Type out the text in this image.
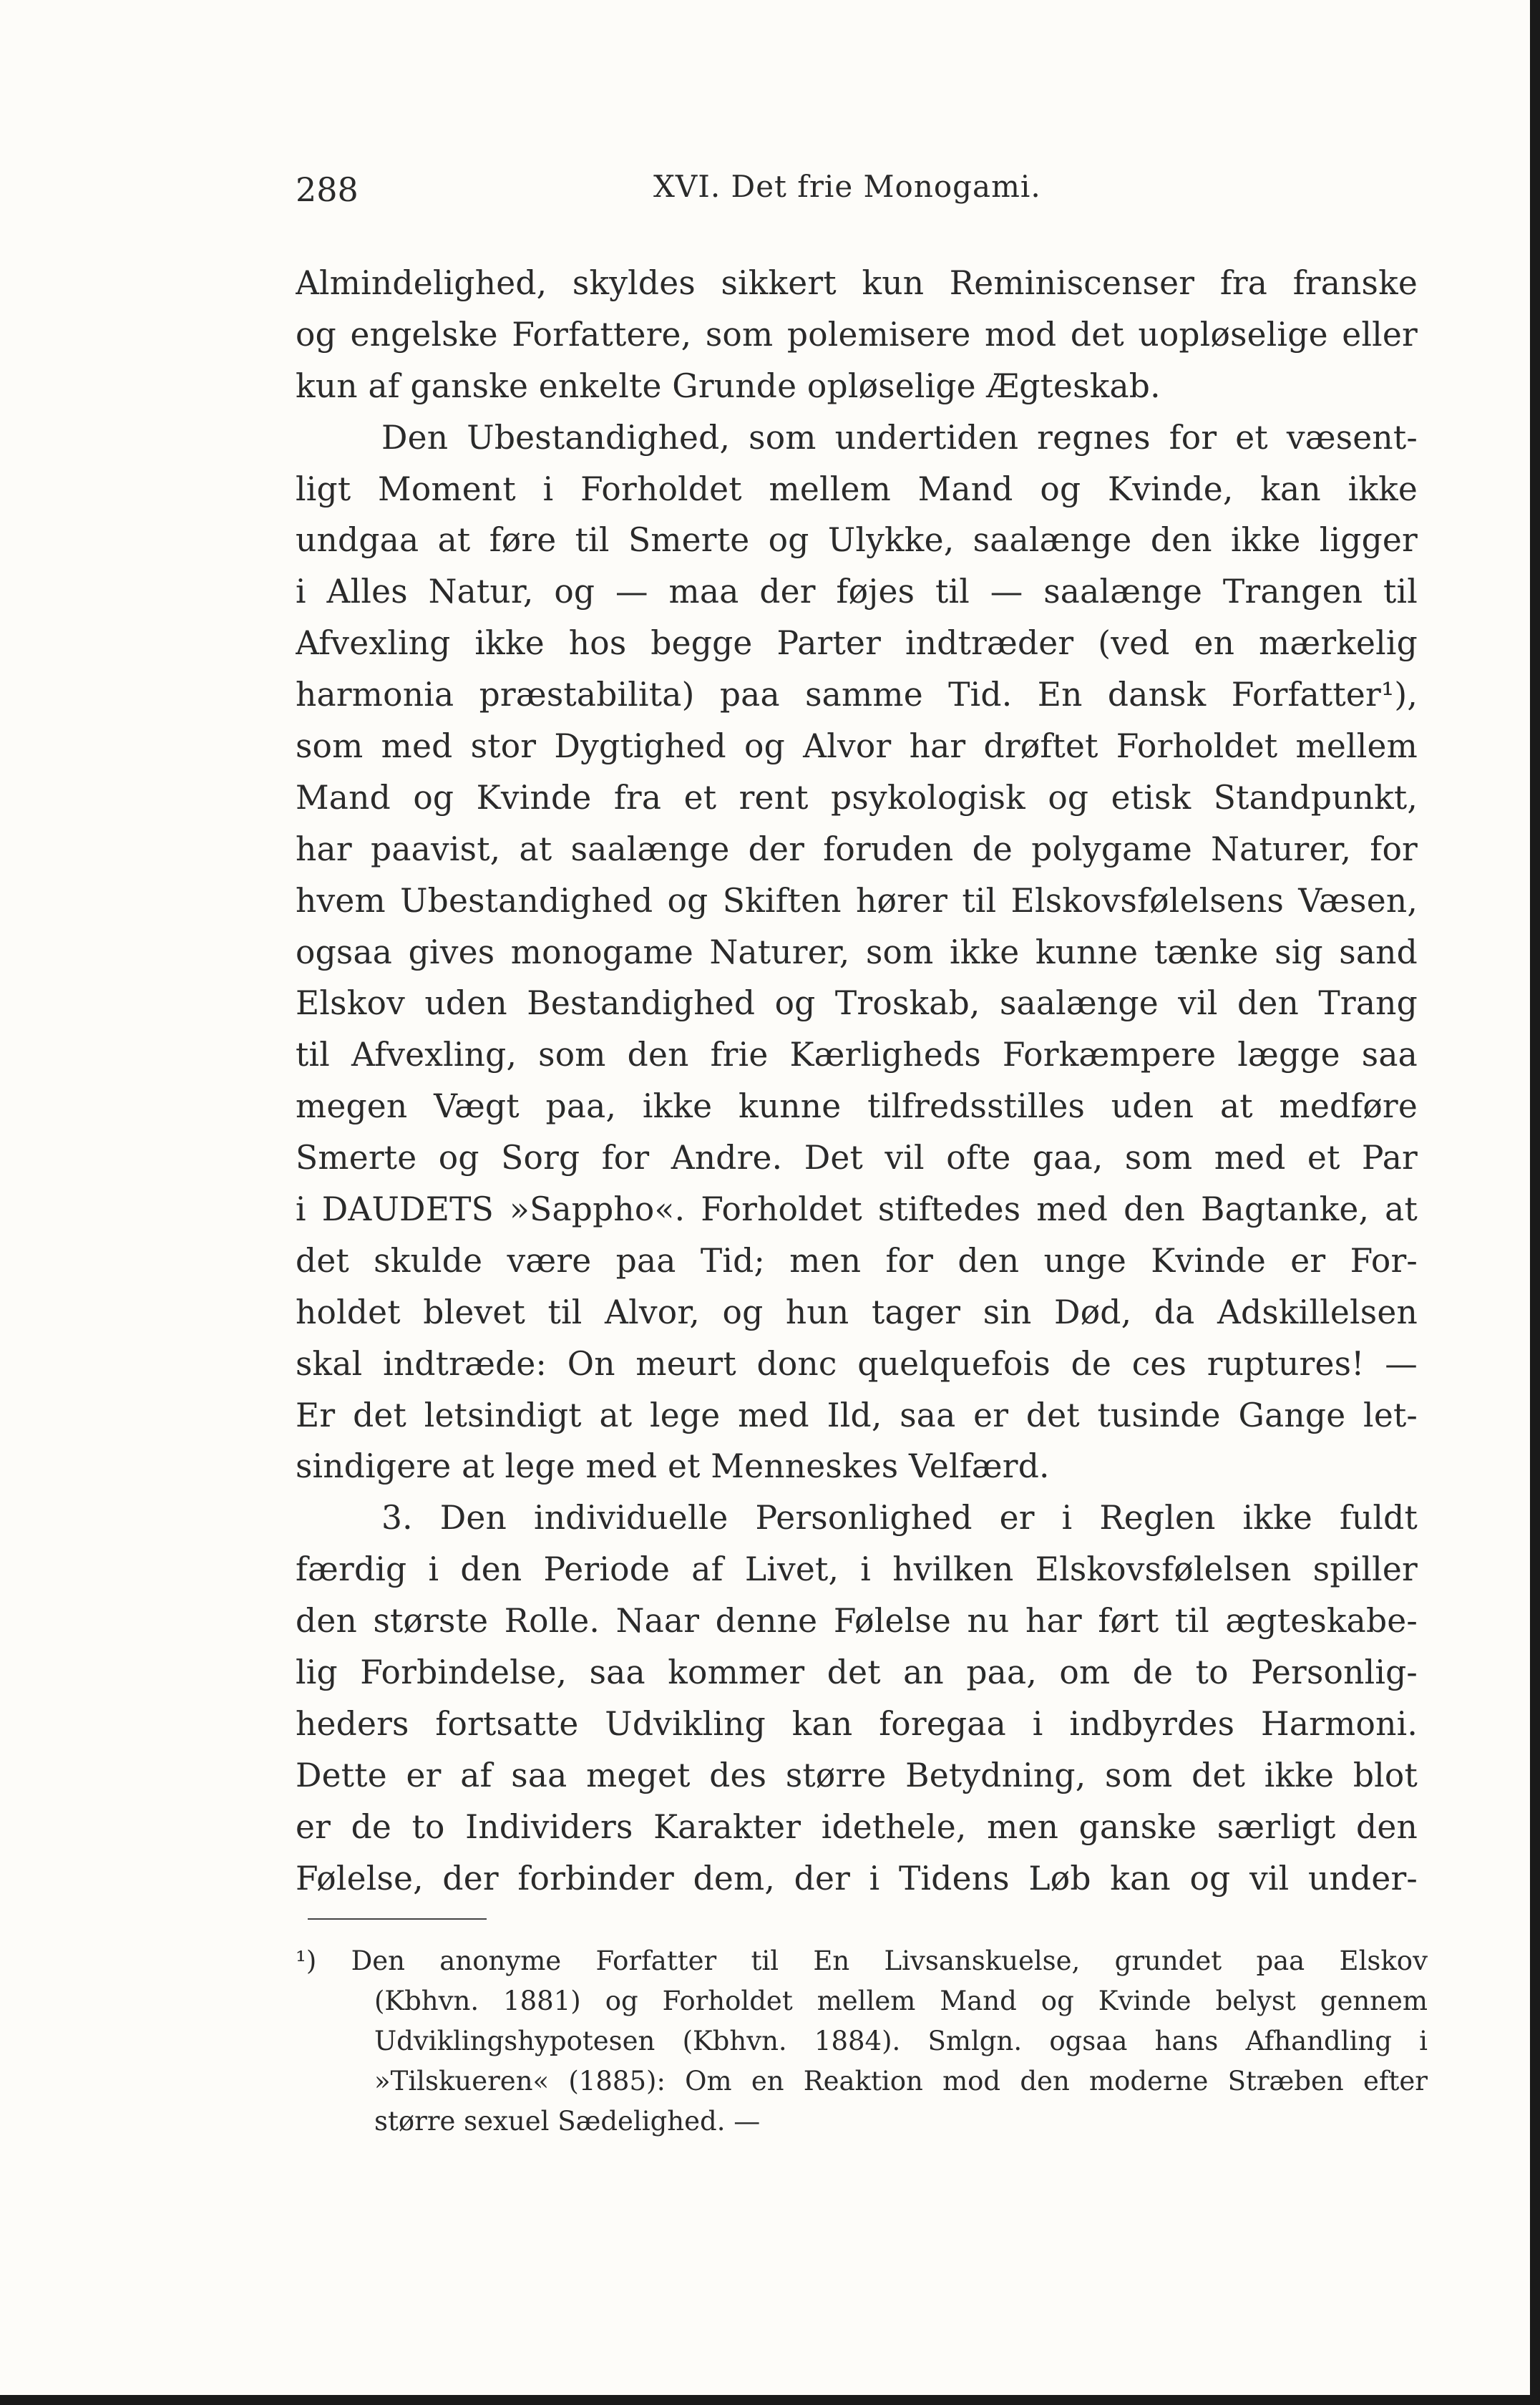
288	XVI. Det frie Monogami.
Almindelighed, skyldes sikkert kun Reminiscenser fra franske
og engelske Forfattere, som polemisere mod det uopløselige eller
kun af ganske enkelte Grunde opløselige Ægteskab.
Den Ubestandighed, som undertiden regnes for et væsent-
ligt Moment i Forholdet mellem Mand og Kvinde, kan ikke
undgaa at føre til Smerte og Ulykke, saalænge den ikke ligger
i Alles Natur, og — maa der føjes til — saalænge Trangen til
Afvexling ikke hos begge Parter indtræder (ved en mærkelig
harmonia præstabilita) paa samme Tid. En dansk Forfatter¹),
som med stor Dygtighed og Alvor har drøftet Forholdet mellem
Mand og Kvinde fra et rent psykologisk og etisk Standpunkt,
har paavist, at saalænge der foruden de polygame Naturer, for
hvem Ubestandighed og Skiften hører til Elskovsfølelsens Væsen,
ogsaa gives monogame Naturer, som ikke kunne tænke sig sand
Elskov uden Bestandighed og Troskab, saalænge vil den Trang
til Afvexling, som den frie Kærligheds Forkæmpere lægge saa
megen Vægt paa, ikke kunne tilfredsstilles uden at medføre
Smerte og Sorg for Andre. Det vil ofte gaa, som med et Par
i DAUDETS »Sappho«. Forholdet stiftedes med den Bagtanke, at
det skulde være paa Tid; men for den unge Kvinde er For-
holdet blevet til Alvor, og hun tager sin Død, da Adskillelsen
skal indtræde: On meurt donc quelquefois de ces ruptures! —
Er det letsindigt at lege med Ild, saa er det tusinde Gange let-
sindigere at lege med et Menneskes Velfærd.
3. Den individuelle Personlighed er i Reglen ikke fuldt
færdig i den Periode af Livet, i hvilken Elskovsfølelsen spiller
den største Rolle. Naar denne Følelse nu har ført til ægteskabe-
lig Forbindelse, saa kommer det an paa, om de to Personlig-
heders fortsatte Udvikling kan foregaa i indbyrdes Harmoni.
Dette er af saa meget des større Betydning, som det ikke blot
er de to Individers Karakter idethele, men ganske særligt den
Følelse, der forbinder dem, der i Tidens Løb kan og vil under-
¹) Den anonyme Forfatter til En Livsanskuelse, grundet paa Elskov
(Kbhvn. 1881) og Forholdet mellem Mand og Kvinde belyst gennem
Udviklingshypotesen (Kbhvn. 1884). Smlgn. ogsaa hans Afhandling i
»Tilskueren« (1885): Om en Reaktion mod den moderne Stræben efter
større sexuel Sædelighed. —
